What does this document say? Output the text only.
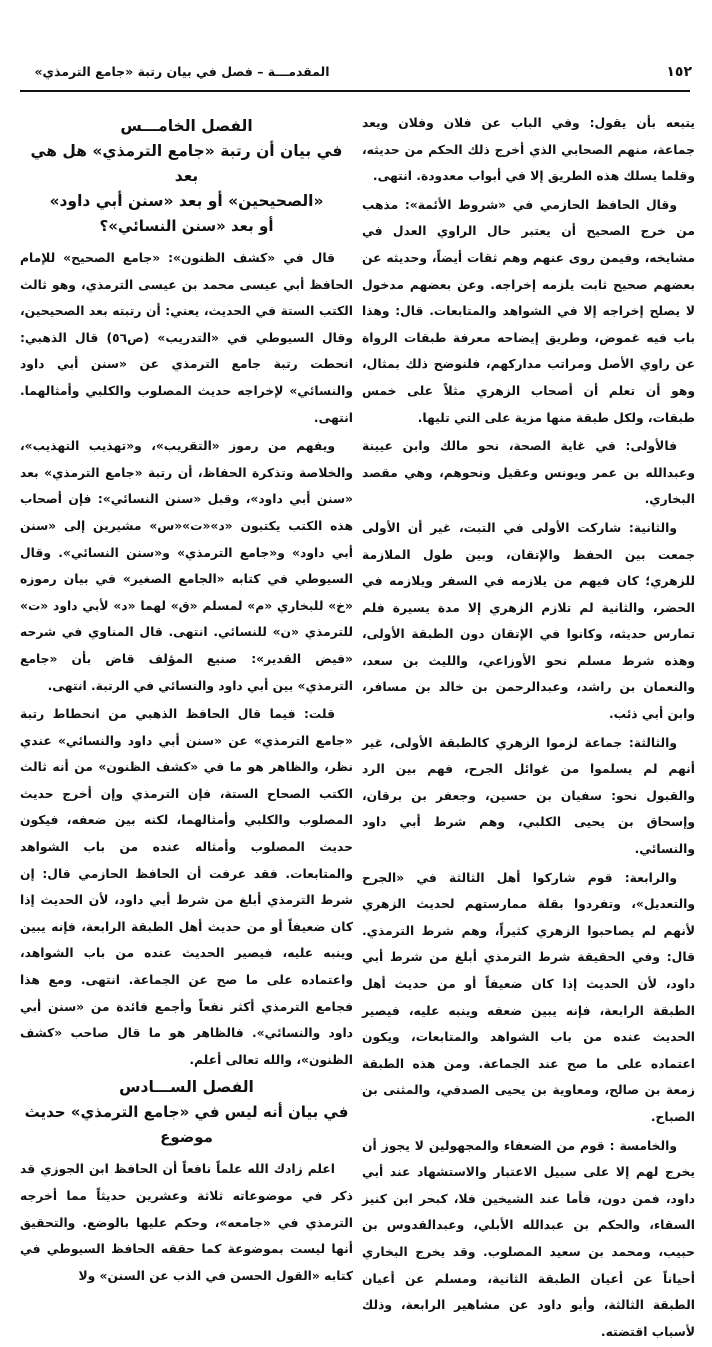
١٥٢
المقدمـــة – فصل في بيان رتبة «جامع الترمذي»

يتبعه بأن يقول: وفي الباب عن فلان وفلان ويعد جماعة، منهم الصحابي الذي أخرج ذلك الحكم من حديثه، وقلما يسلك هذه الطريق إلا في أبواب معدودة. انتهى.

وقال الحافظ الحازمي في «شروط الأئمة»: مذهب من خرج الصحيح أن يعتبر حال الراوي العدل في مشايخه، وفيمن روى عنهم وهم ثقات أيضاً، وحديثه عن بعضهم صحيح ثابت يلزمه إخراجه. وعن بعضهم مدخول لا يصلح إخراجه إلا في الشواهد والمتابعات. قال: وهذا باب فيه غموض، وطريق إيضاحه معرفة طبقات الرواة عن راوي الأصل ومراتب مداركهم، فلنوضح ذلك بمثال، وهو أن تعلم أن أصحاب الزهري مثلاً على خمس طبقات، ولكل طبقة منها مزية على التي تليها.

فالأولى: في غاية الصحة، نحو مالك وابن عيينة وعبدالله بن عمر ويونس وعقيل ونحوهم، وهي مقصد البخاري.

والثانية: شاركت الأولى في التبت، غير أن الأولى جمعت بين الحفظ والإتقان، وبين طول الملازمة للزهري؛ كان فيهم من يلازمه في السفر ويلازمه في الحضر، والثانية لم تلازم الزهري إلا مدة يسيرة فلم تمارس حديثه، وكانوا في الإتقان دون الطبقة الأولى، وهذه شرط مسلم نحو الأوزاعي، والليث بن سعد، والنعمان بن راشد، وعبدالرحمن بن خالد بن مسافر، وابن أبي ذئب.

والثالثة: جماعة لزموا الزهري كالطبقة الأولى، غير أنهم لم يسلموا من غوائل الجرح، فهم بين الرد والقبول نحو: سفيان بن حسين، وجعفر بن برقان، وإسحاق بن يحيى الكلبي، وهم شرط أبي داود والنسائي.

والرابعة: قوم شاركوا أهل الثالثة في «الجرح والتعديل»، وتفردوا بقلة ممارستهم لحديث الزهري لأنهم لم يصاحبوا الزهري كثيراً، وهم شرط الترمذي. قال: وفي الحقيقة شرط الترمذي أبلغ من شرط أبي داود، لأن الحديث إذا كان ضعيفاً أو من حديث أهل الطبقة الرابعة، فإنه يبين ضعفه وينبه عليه، فيصير الحديث عنده من باب الشواهد والمتابعات، ويكون اعتماده على ما صح عند الجماعة. ومن هذه الطبقة زمعة بن صالح، ومعاوية بن يحيى الصدفي، والمثنى بن الصباح.

والخامسة : قوم من الضعفاء والمجهولين لا يجوز أن يخرج لهم إلا على سبيل الاعتبار والاستشهاد عند أبي داود، فمن دون، فأما عند الشيخين فلا، كبحر ابن كنيز السقاء، والحكم بن عبدالله الأبلي، وعبدالقدوس بن حبيب، ومحمد بن سعيد المصلوب. وقد يخرج البخاري أحياناً عن أعيان الطبقة الثانية، ومسلم عن أعيان الطبقة الثالثة، وأبو داود عن مشاهير الرابعة، وذلك لأسباب اقتضته.

الفصل الخامـــس
في بيان أن رتبة «جامع الترمذي» هل هي بعد
«الصحيحين» أو بعد «سنن أبي داود»
أو بعد «سنن النسائي»؟

قال في «كشف الظنون»: «جامع الصحيح» للإمام الحافظ أبي عيسى محمد بن عيسى الترمذي، وهو ثالث الكتب الستة في الحديث، يعني: أن رتبته بعد الصحيحين، وقال السيوطي في «التدريب» (ص٥٦) قال الذهبي: انحطت رتبة جامع الترمذي عن «سنن أبي داود والنسائي» لإخراجه حديث المصلوب والكلبي وأمثالهما. انتهى.

ويفهم من رموز «التقريب»، و«تهذيب التهذيب»، والخلاصة وتذكرة الحفاظ، أن رتبة «جامع الترمذي» بعد «سنن أبي داود»، وقبل «سنن النسائي»: فإن أصحاب هذه الكتب يكتبون «د»«ت»«س» مشيرين إلى «سنن أبي داود» و«جامع الترمذي» و«سنن النسائي». وقال السيوطي في كتابه «الجامع الصغير» في بيان رموزه «خ» للبخاري «م» لمسلم «ق» لهما «د» لأبي داود «ت» للترمذي «ن» للنسائي. انتهى. قال المناوي في شرحه «فيض القدير»: صنيع المؤلف قاض بأن «جامع الترمذي» بين أبي داود والنسائي في الرتبة. انتهى.

قلت: فيما قال الحافظ الذهبي من انحطاط رتبة «جامع الترمذي» عن «سنن أبي داود والنسائي» عندي نظر، والظاهر هو ما في «كشف الظنون» من أنه ثالث الكتب الصحاح الستة، فإن الترمذي وإن أخرج حديث المصلوب والكلبي وأمثالهما، لكنه بين ضعفه، فيكون حديث المصلوب وأمثاله عنده من باب الشواهد والمتابعات. فقد عرفت أن الحافظ الحازمي قال: إن شرط الترمذي أبلغ من شرط أبي داود، لأن الحديث إذا كان ضعيفاً أو من حديث أهل الطبقة الرابعة، فإنه يبين وينبه عليه، فيصير الحديث عنده من باب الشواهد، واعتماده على ما صح عن الجماعة. انتهى. ومع هذا فجامع الترمذي أكثر نفعاً وأجمع فائدة من «سنن أبي داود والنسائي». فالظاهر هو ما قال صاحب «كشف الظنون»، والله تعالى أعلم.

الفصل الســـادس
في بيان أنه ليس في «جامع الترمذي» حديث موضوع

اعلم زادك الله علماً نافعاً أن الحافظ ابن الجوزي قد ذكر في موضوعاته ثلاثة وعشرين حديثاً مما أخرجه الترمذي في «جامعه»، وحكم عليها بالوضع. والتحقيق أنها ليست بموضوعة كما حققه الحافظ السيوطي في كتابه «القول الحسن في الذب عن السنن» ولا
